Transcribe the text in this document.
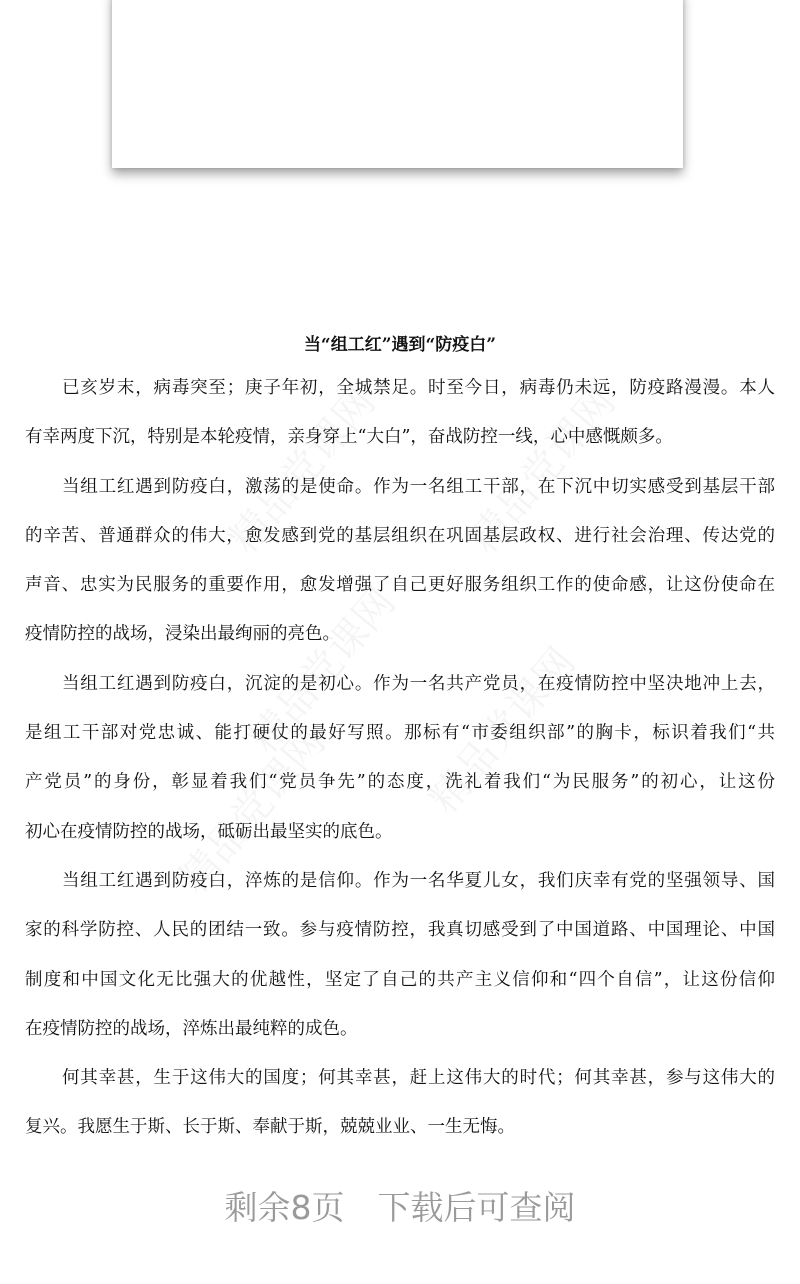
当“组工红”遇到“防疫白”
已亥岁末，病毒突至；庚子年初，全城禁足。时至今日，病毒仍未远，防疫路漫漫。本人
有幸两度下沉，特别是本轮疫情，亲身穿上“大白”，奋战防控一线，心中感慨颇多。
当组工红遇到防疫白，激荡的是使命。作为一名组工干部，在下沉中切实感受到基层干部
的辛苦、普通群众的伟大，愈发感到党的基层组织在巩固基层政权、进行社会治理、传达党的
声音、忠实为民服务的重要作用，愈发增强了自己更好服务组织工作的使命感，让这份使命在
疫情防控的战场，浸染出最绚丽的亮色。
当组工红遇到防疫白，沉淀的是初心。作为一名共产党员，在疫情防控中坚决地冲上去，
是组工干部对党忠诚、能打硬仗的最好写照。那标有“市委组织部”的胸卡，标识着我们“共
产党员”的身份，彰显着我们“党员争先”的态度，洗礼着我们“为民服务”的初心，让这份
初心在疫情防控的战场，砥砺出最坚实的底色。
当组工红遇到防疫白，淬炼的是信仰。作为一名华夏儿女，我们庆幸有党的坚强领导、国
家的科学防控、人民的团结一致。参与疫情防控，我真切感受到了中国道路、中国理论、中国
制度和中国文化无比强大的优越性，坚定了自己的共产主义信仰和“四个自信”，让这份信仰
在疫情防控的战场，淬炼出最纯粹的成色。
何其幸甚，生于这伟大的国度；何其幸甚，赶上这伟大的时代；何其幸甚，参与这伟大的
复兴。我愿生于斯、长于斯、奉献于斯，兢兢业业、一生无悔。
剩余8页　 下载后可查阅
